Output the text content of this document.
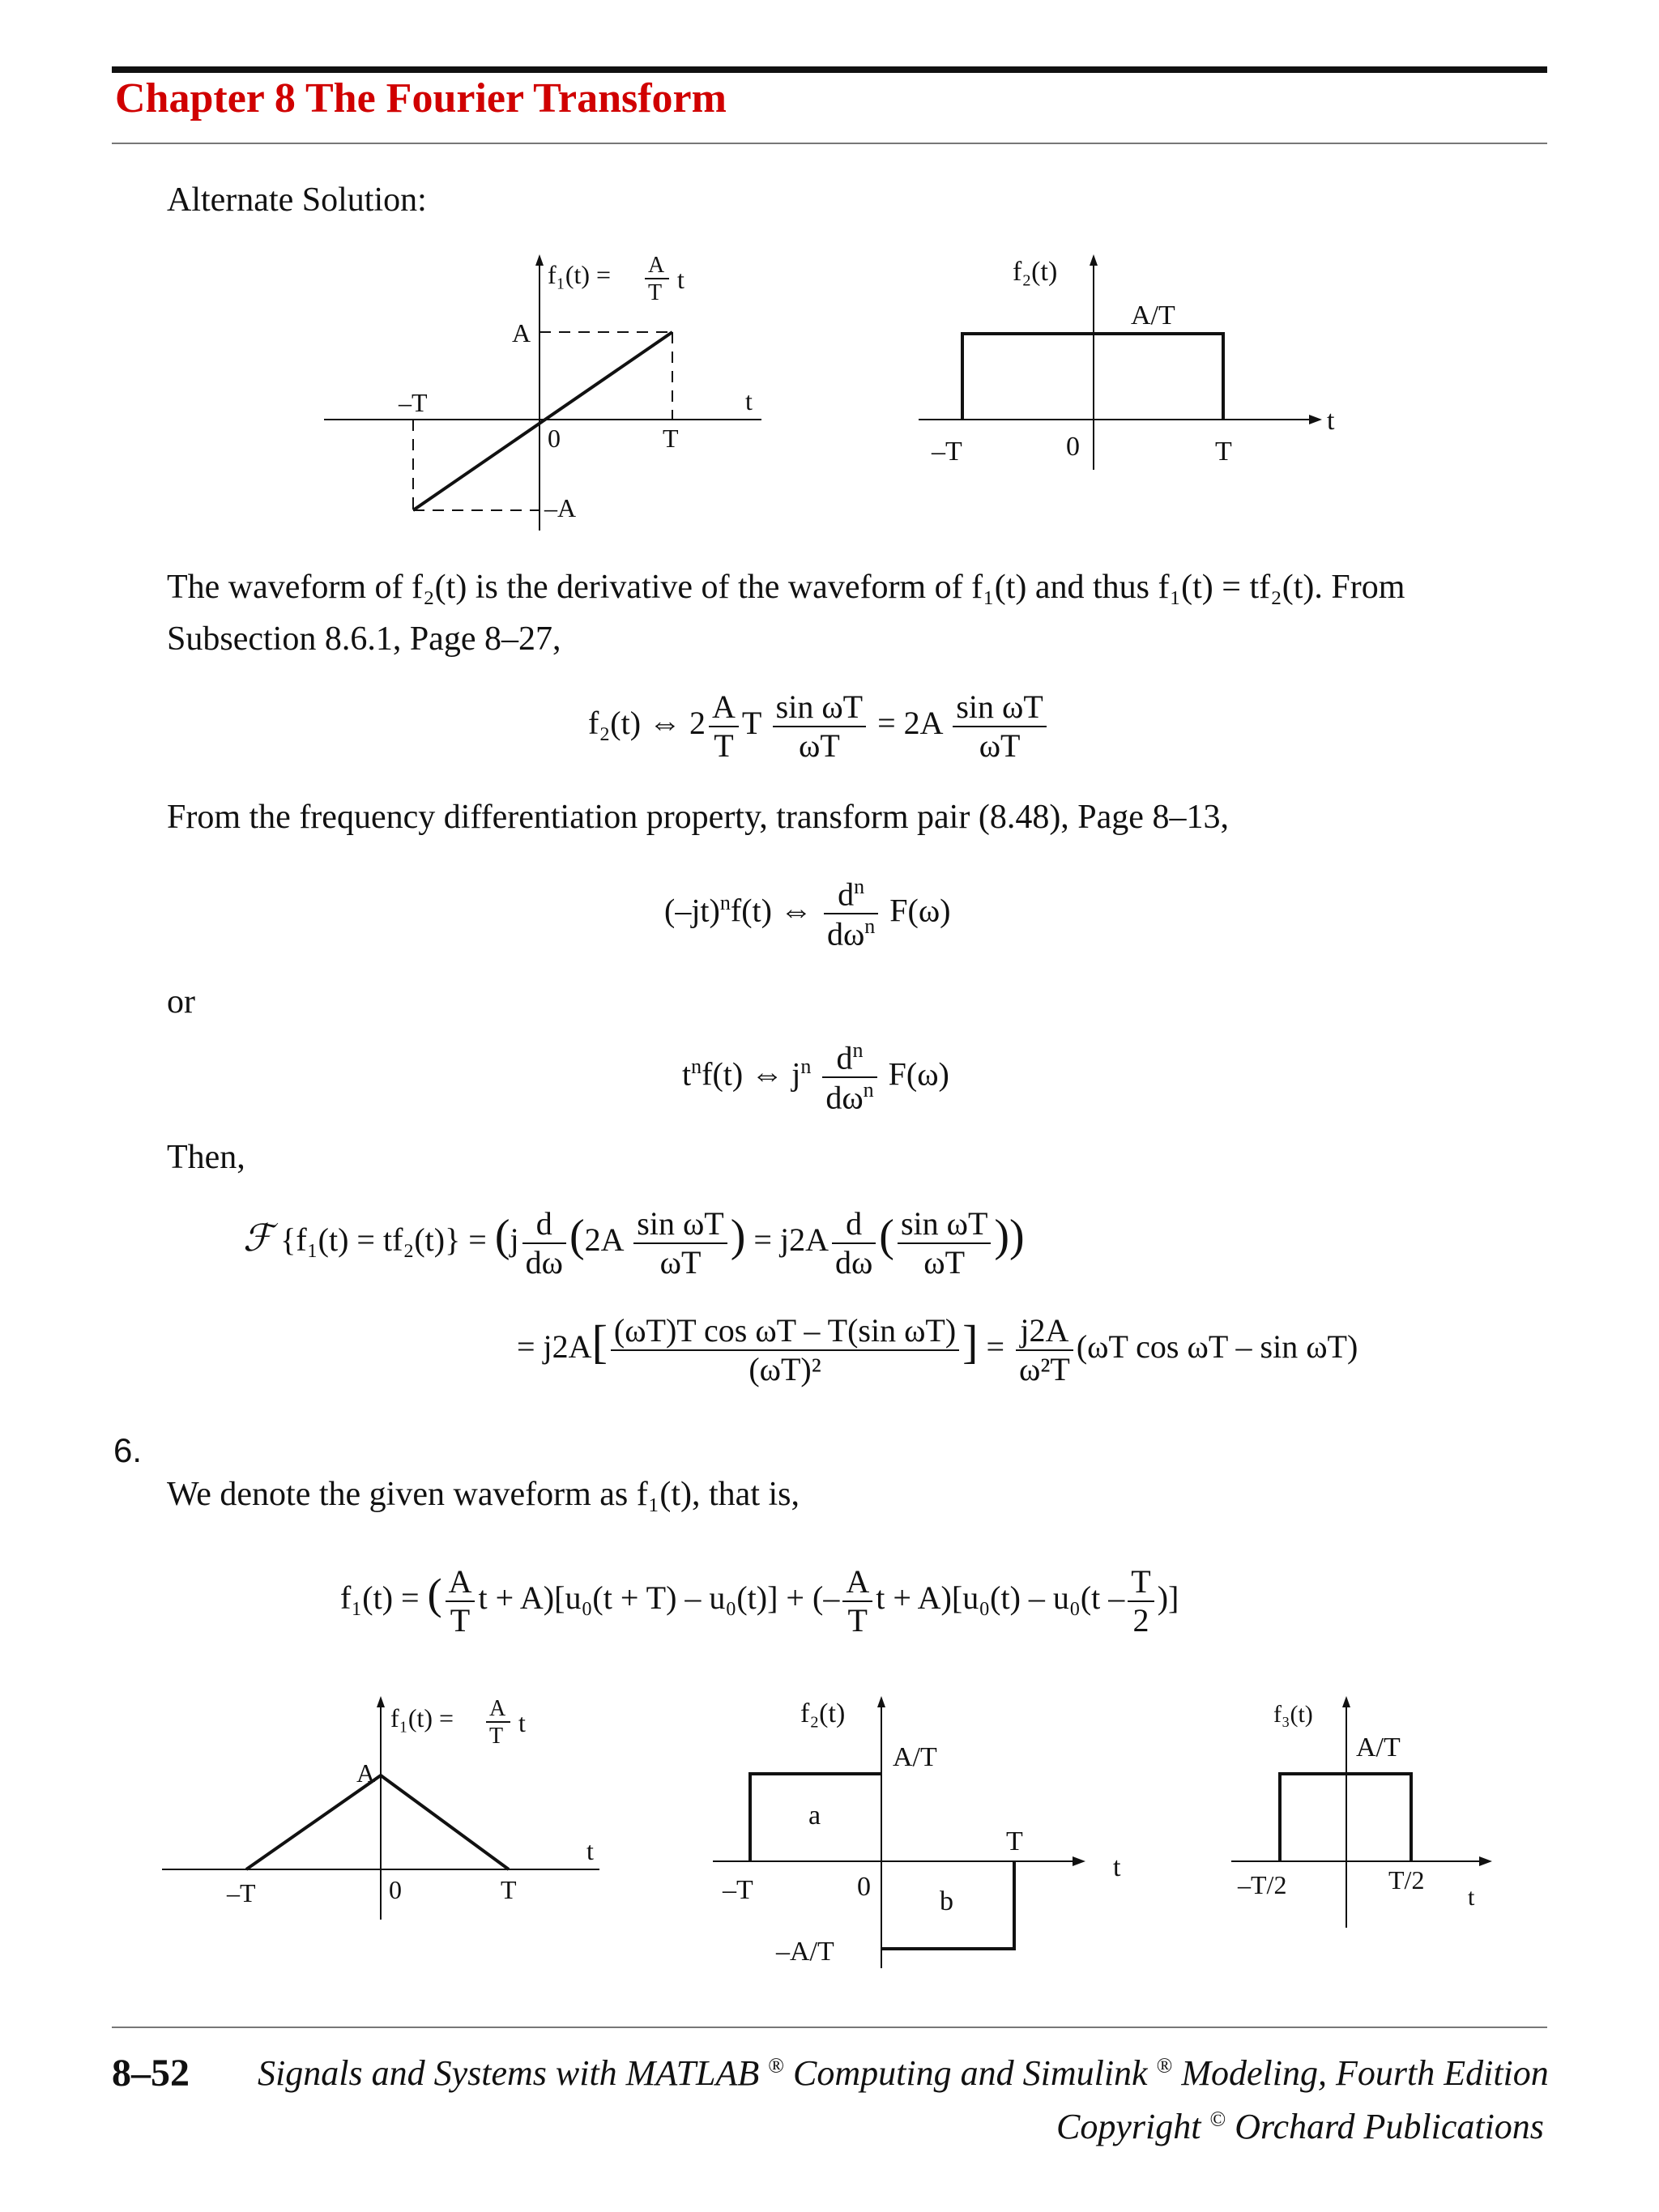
Chapter 8 The Fourier Transform
Alternate Solution:
f₁(t) = A
T t
A
–T
0	T
t
–A
f₂(t)
A/T
–T	0	T
t
The waveform of f₂(t) is the derivative of the waveform of f₁(t) and thus f₁(t) = tf₂(t). From
Subsection 8.6.1, Page 8–27,
f₂(t) ⇔ $2 \frac{A}{T}$ T $\frac{\text{sin ωT}}{\omega T} = 2A \frac{\text{sin ωT}}{\omega T}$
From the frequency differentiation property, transform pair (8.48), Page 8–13,
$(-jt)^nf(t)$ ⇔ $\frac{d^n}{d\omega^n} F(\omega)$
or
$t^nf(t)$ ⇔ $j^n \frac{d^n}{d\omega^n} F(\omega)$
Then,
ℱ $\{f_1(t) = tf_2(t)\} = (j \frac{d}{d\omega} (2A \frac{\text{sin ωT}}{\omega T}$ ) = $j2A \frac{d}{d\omega}$ ( $\frac{\text{sin ωT}}{\omega T}$ ))
= $j2A[ \frac{\text{(ωT)T cos ωT – T(sin ωT)}}{\text{(ωT)²}}$ ] = $\frac{j2A}{\text{ω²T}} (\omega T$ cos ωT – sin ωT)
6.
We denote the given waveform as f₁(t), that is,
f₁(t) = ( $\frac{A}{T}$ t + A)[u₀(t + T) – u₀(t)] + (– $\frac{A}{T}$ $t + A)[u_0(t) - u_0(t - \frac{T}{2}$ )]
f₁(t) = A
T t
A
–T	0	T
t
f₂(t)
A/T
a
b
T
–T	0
–A/T
t
f₃(t)
A/T
–T/2	T/2
t
8–52 Signals and Systems with MATLAB ® Computing and Simulink ® Modeling, Fourth Edition
Copyright © Orchard Publications
